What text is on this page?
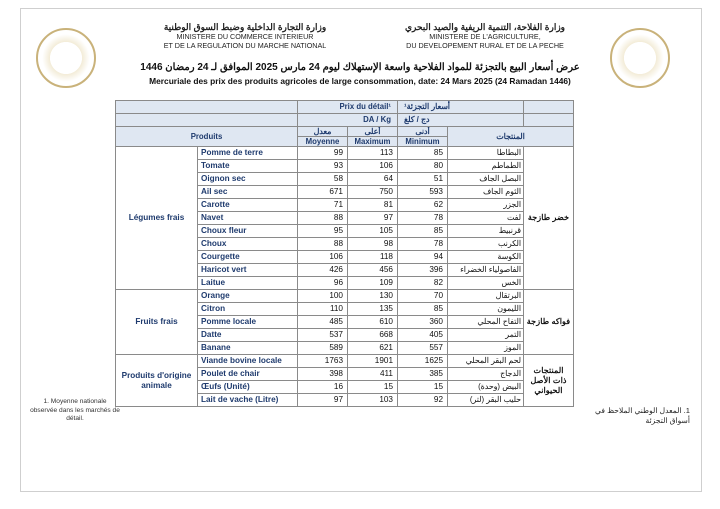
وزارة التجارة الداخلية وضبط السوق الوطنية
MINISTERE DU COMMERCE INTERIEUR
ET DE LA REGULATION DU MARCHE NATIONAL
وزارة الفلاحة، التنمية الريفية والصيد البحري
MINISTERE DE L'AGRICULTURE,
DU DEVELOPEMENT RURAL ET DE LA PECHE
عرض أسعار البيع بالتجزئة للمواد الفلاحية واسعة الإستهلاك ليوم 24 مارس 2025 الموافق لـ 24 رمضان 1446
Mercuriale des prix des produits agricoles de large consommation, date: 24 Mars 2025 (24 Ramadan 1446)
		Prix du détail¹		أسعار التجزئة¹		
		DA / Kg		دج / كلغ		
Produits		معدل	أعلى	أدنى	المنتجات	
		Moyenne	Maximum	Minimum		
Légumes frais	Pomme de terre	99	113	85	البطاطا	خضر طازجة
	Tomate	93	106	80	الطماطم	
	Oignon sec	58	64	51	البصل الجاف	
	Ail sec	671	750	593	الثوم الجاف	
	Carotte	71	81	62	الجزر	
	Navet	88	97	78	لفت	
	Choux fleur	95	105	85	قرنبيط	
	Choux	88	98	78	الكرنب	
	Courgette	106	118	94	الكوسة	
	Haricot vert	426	456	396	الفاصولياء الخضراء	
	Laitue	96	109	82	الخس	
Fruits frais	Orange	100	130	70	البرتقال	فواكه طازجة
	Citron	110	135	85	الليمون	
	Pomme locale	485	610	360	التفاح المحلي	
	Datte	537	668	405	التمر	
	Banane	589	621	557	الموز	
Produits d'origine animale	Viande bovine locale	1763	1901	1625	لحم البقر المحلي	المنتجات ذات الأصل الحيواني
	Poulet de chair	398	411	385	الدجاج	
	Œufs (Unité)	16	15	15	البيض (وحدة)	
	Lait de vache (Litre)	97	103	92	حليب البقر (لتر)	
1. Moyenne nationale observée dans les marchés de détail.
1. المعدل الوطني الملاحظ في أسواق التجزئة
